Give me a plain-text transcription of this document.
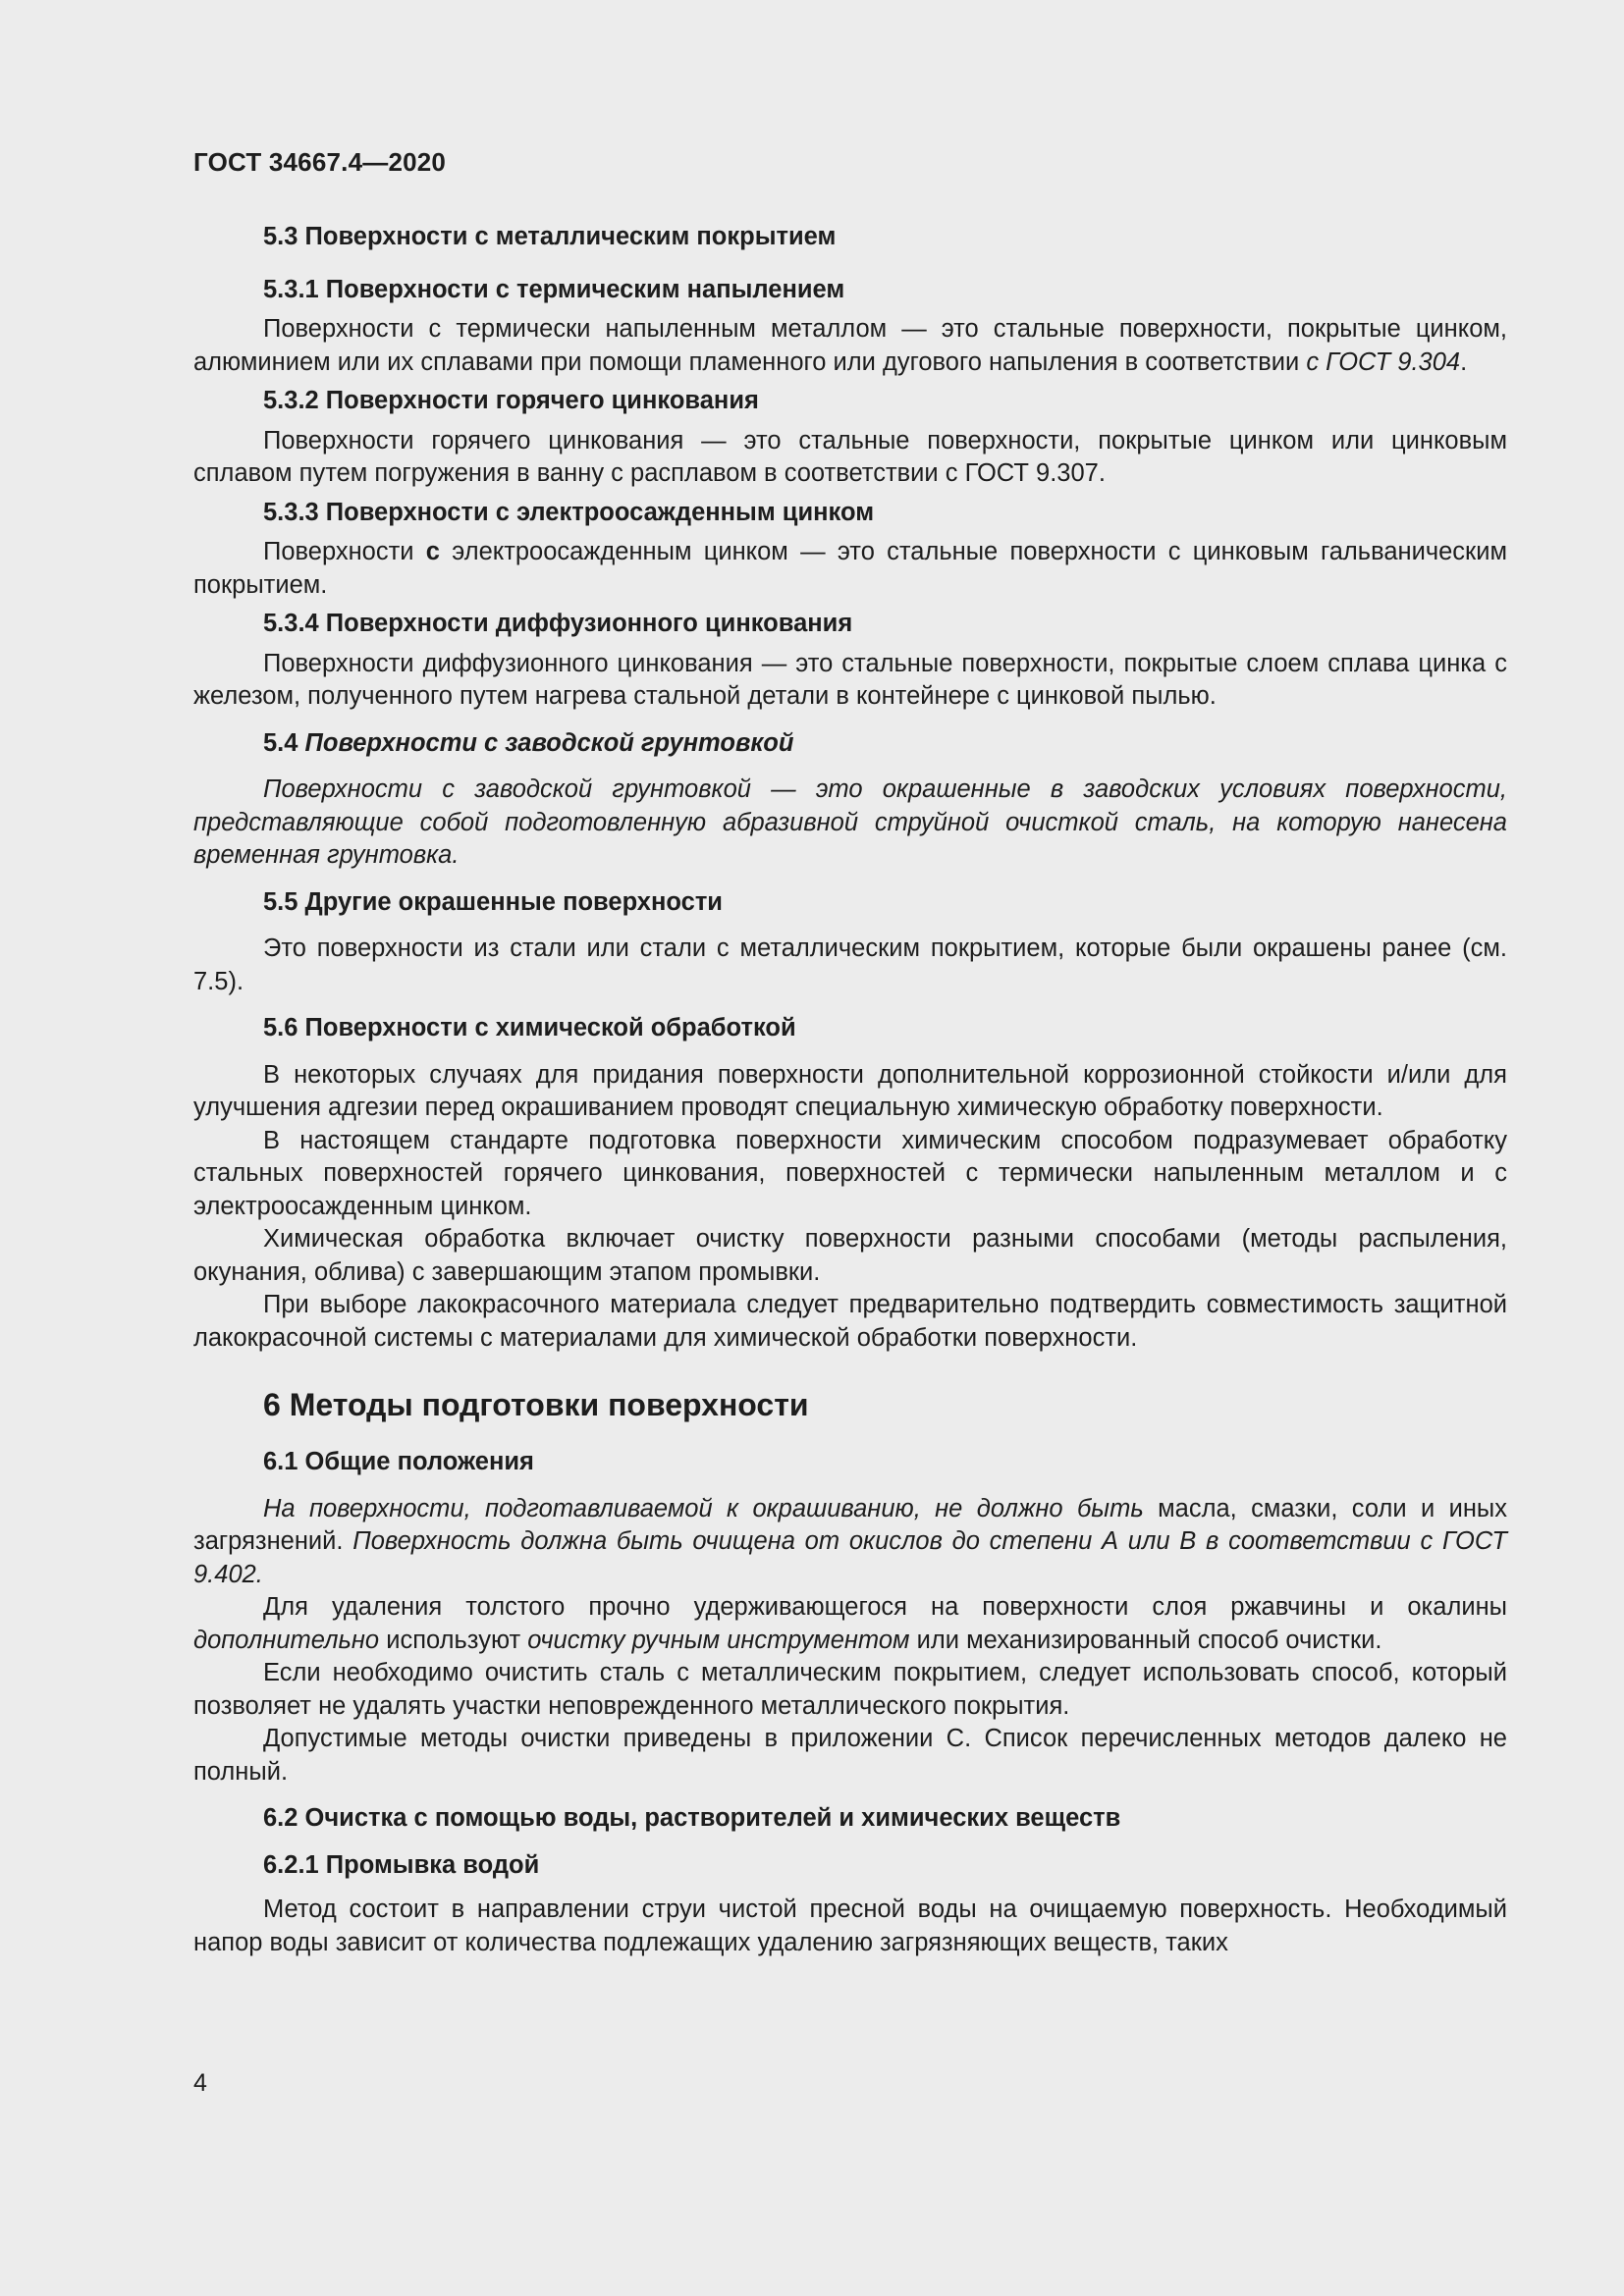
ГОСТ 34667.4—2020
5.3 Поверхности с металлическим покрытием
5.3.1 Поверхности с термическим напылением

Поверхности с термически напыленным металлом — это стальные поверхности, покрытые цинком, алюминием или их сплавами при помощи пламенного или дугового напыления в соответствии с ГОСТ 9.304.

5.3.2 Поверхности горячего цинкования

Поверхности горячего цинкования — это стальные поверхности, покрытые цинком или цинковым сплавом путем погружения в ванну с расплавом в соответствии с ГОСТ 9.307.

5.3.3 Поверхности с электроосажденным цинком

Поверхности с электроосажденным цинком — это стальные поверхности с цинковым гальваническим покрытием.

5.3.4 Поверхности диффузионного цинкования

Поверхности диффузионного цинкования — это стальные поверхности, покрытые слоем сплава цинка с железом, полученного путем нагрева стальной детали в контейнере с цинковой пылью.

5.4 Поверхности с заводской грунтовкой

Поверхности с заводской грунтовкой — это окрашенные в заводских условиях поверхности, представляющие собой подготовленную абразивной струйной очисткой сталь, на которую нанесена временная грунтовка.

5.5 Другие окрашенные поверхности

Это поверхности из стали или стали с металлическим покрытием, которые были окрашены ранее (см. 7.5).

5.6 Поверхности с химической обработкой

В некоторых случаях для придания поверхности дополнительной коррозионной стойкости и/или для улучшения адгезии перед окрашиванием проводят специальную химическую обработку поверхности.

В настоящем стандарте подготовка поверхности химическим способом подразумевает обработку стальных поверхностей горячего цинкования, поверхностей с термически напыленным металлом и с электроосажденным цинком.

Химическая обработка включает очистку поверхности разными способами (методы распыления, окунания, облива) с завершающим этапом промывки.

При выборе лакокрасочного материала следует предварительно подтвердить совместимость защитной лакокрасочной системы с материалами для химической обработки поверхности.

6 Методы подготовки поверхности
6.1 Общие положения

На поверхности, подготавливаемой к окрашиванию, не должно быть масла, смазки, соли и иных загрязнений. Поверхность должна быть очищена от окислов до степени А или В в соответствии с ГОСТ 9.402.

Для удаления толстого прочно удерживающегося на поверхности слоя ржавчины и окалины дополнительно используют очистку ручным инструментом или механизированный способ очистки.

Если необходимо очистить сталь с металлическим покрытием, следует использовать способ, который позволяет не удалять участки неповрежденного металлического покрытия.

Допустимые методы очистки приведены в приложении С. Список перечисленных методов далеко не полный.

6.2 Очистка с помощью воды, растворителей и химических веществ
6.2.1 Промывка водой

Метод состоит в направлении струи чистой пресной воды на очищаемую поверхность. Необходимый напор воды зависит от количества подлежащих удалению загрязняющих веществ, таких

4
